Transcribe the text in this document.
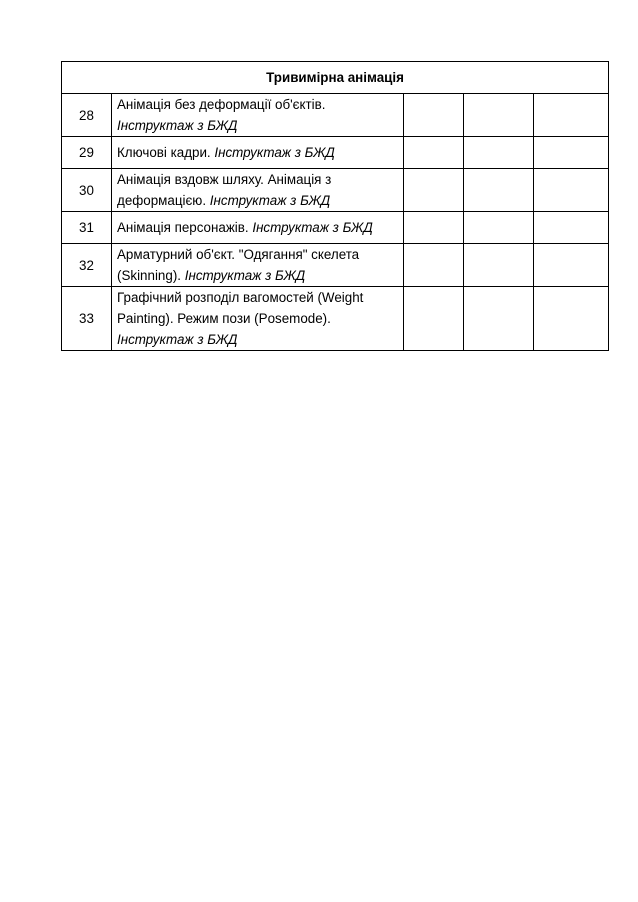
Тривимірна анімація				
28	Анімація без деформації об'єктів.
Інструктаж з БЖД			

29	Ключові кадри. Інструктаж з БЖД			

30	Анімація вздовж шляху. Анімація з
деформацією. Інструктаж з БЖД			

31	Анімація персонажів. Інструктаж з БЖД			

32	Арматурний об'єкт. "Одягання" скелета
(Skinning). Інструктаж з БЖД			

33	Графічний розподіл вагомостей (Weight
Painting). Режим пози (Posemode).
Інструктаж з БЖД			
